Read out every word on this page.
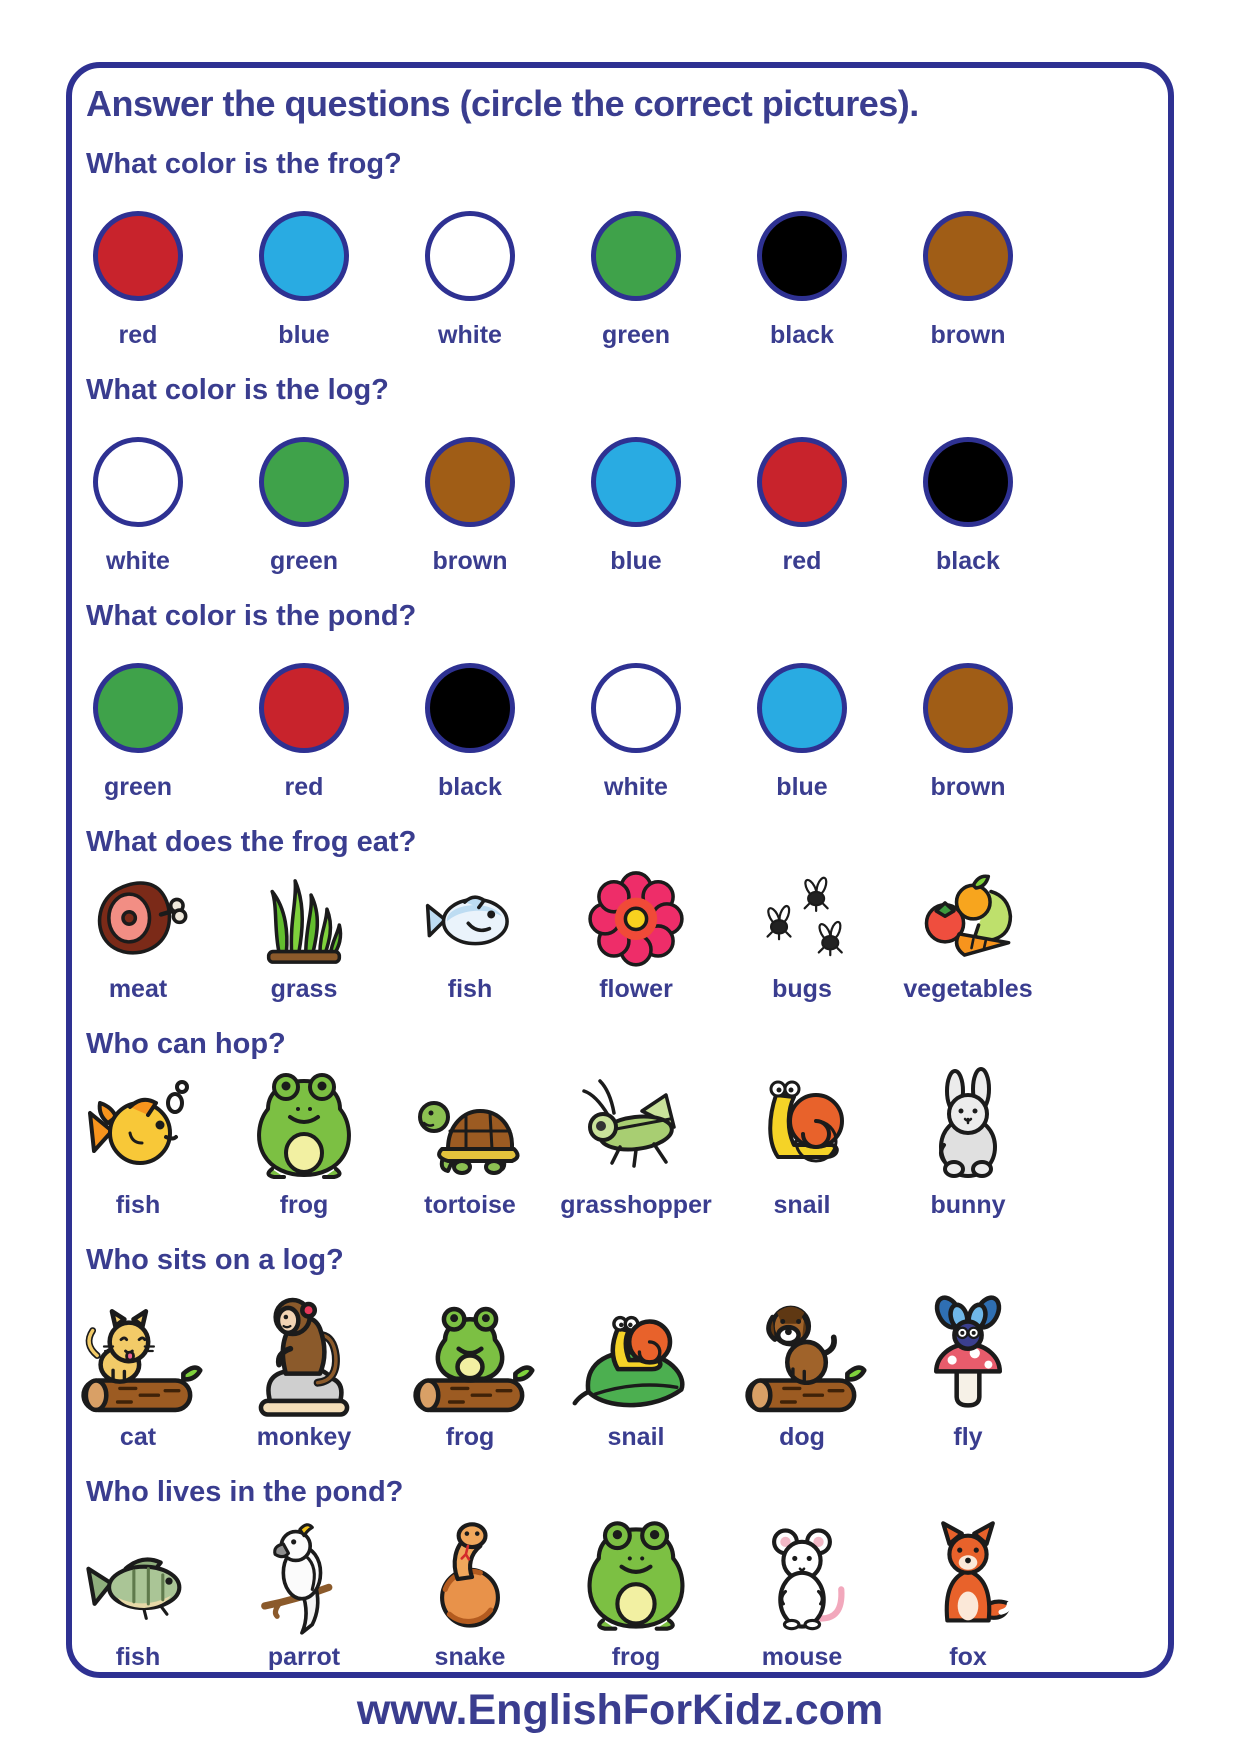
Answer the questions (circle the correct pictures).
What color is the frog?
red	blue	white	green	black	brown
What color is the log?
white	green	brown	blue	red	black
What color is the pond?
green	red	black	white	blue	brown
What does the frog eat?
meat	grass	fish	flower	bugs	vegetables
Who can hop?
fish	frog	tortoise grasshopper snail	bunny
Who sits on a log?
cat	monkey	frog	snail	dog	fly
Who lives in the pond?
fish	parrot	snake	frog	mouse	fox
www.EnglishForKidz.com
